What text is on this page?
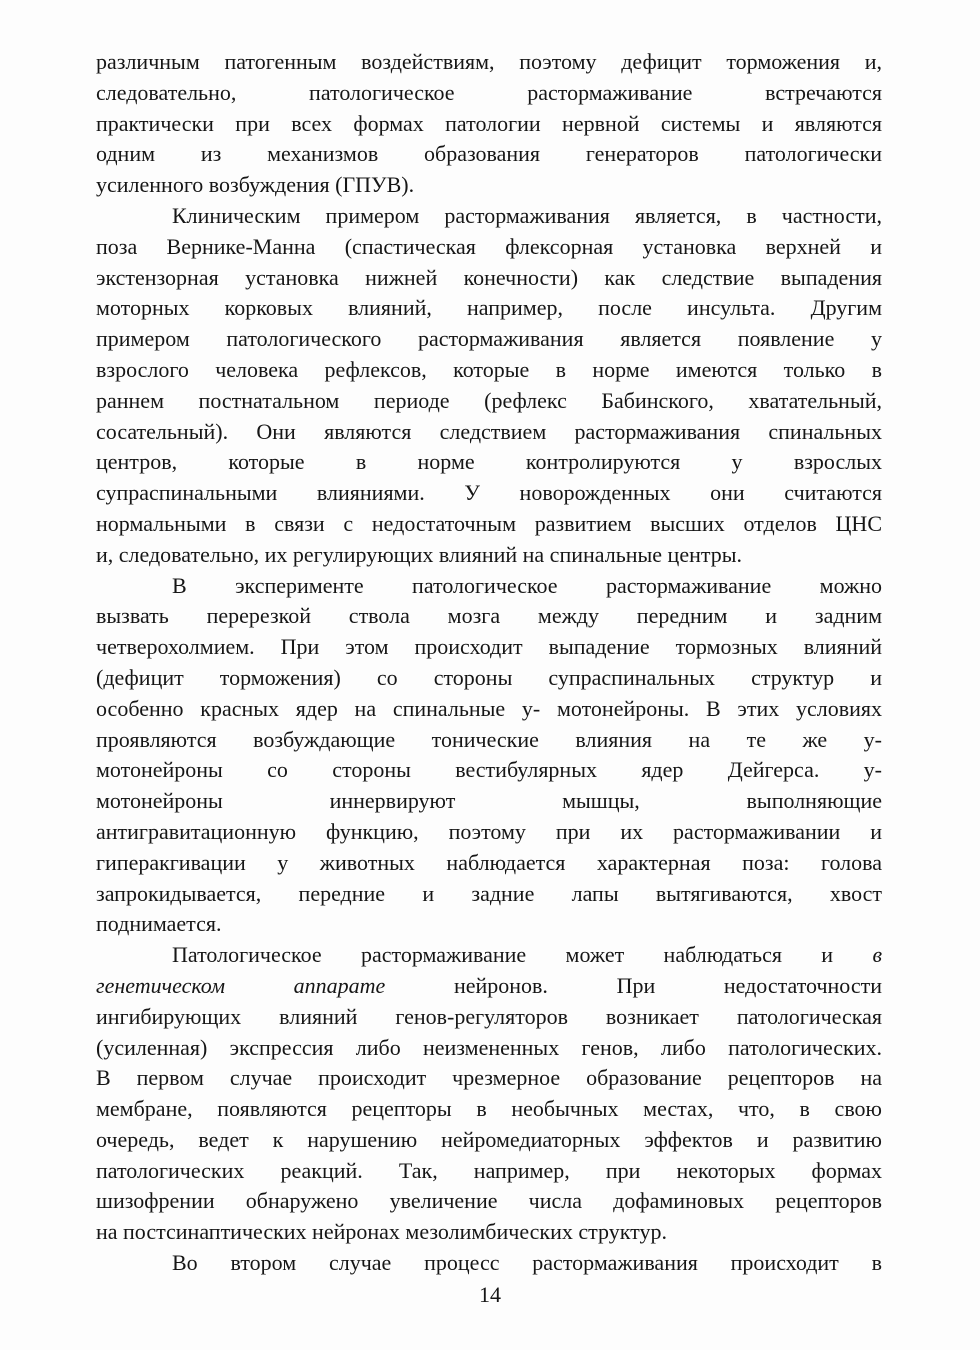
различным патогенным воздействиям, поэтому дефицит торможения и,
следовательно, патологическое растормаживание встречаются
практически при всех формах патологии нервной системы и являются
одним из механизмов образования генераторов патологически
усиленного возбуждения (ГПУВ).
Клиническим примером растормаживания является, в частности,
поза Вернике-Манна (спастическая флексорная установка верхней и
экстензорная установка нижней конечности) как следствие выпадения
моторных корковых влияний, например, после инсульта. Другим
примером патологического растормаживания является появление у
взрослого человека рефлексов, которые в норме имеются только в
раннем постнатальном периоде (рефлекс Бабинского, хватательный,
сосательный). Они являются следствием растормаживания спинальных
центров, которые в норме контролируются у взрослых
супраспинальными влияниями. У новорожденных они считаются
нормальными в связи с недостаточным развитием высших отделов ЦНС
и, следовательно, их регулирующих влияний на спинальные центры.
В эксперименте патологическое растормаживание можно
вызвать перерезкой ствола мозга между передним и задним
четверохолмием. При этом происходит выпадение тормозных влияний
(дефицит торможения) со стороны супраспинальных структур и
особенно красных ядер на спинальные у- мотонейроны. В этих условиях
проявляются возбуждающие тонические влияния на те же у-
мотонейроны со стороны вестибулярных ядер Дейгерса. у-
мотонейроны иннервируют мышцы, выполняющие
антигравитационную функцию, поэтому при их растормаживании и
гиперакгивации у животных наблюдается характерная поза: голова
запрокидывается, передние и задние лапы вытягиваются, хвост
поднимается.
Патологическое растормаживание может наблюдаться и в
генетическом аппарате нейронов. При недостаточности
ингибирующих влияний генов-регуляторов возникает патологическая
(усиленная) экспрессия либо неизмененных генов, либо патологических.
В первом случае происходит чрезмерное образование рецепторов на
мембране, появляются рецепторы в необычных местах, что, в свою
очередь, ведет к нарушению нейромедиаторных эффектов и развитию
патологических реакций. Так, например, при некоторых формах
шизофрении обнаружено увеличение числа дофаминовых рецепторов
на постсинаптических нейронах мезолимбических структур.
Во втором случае процесс растормаживания происходит в
14
